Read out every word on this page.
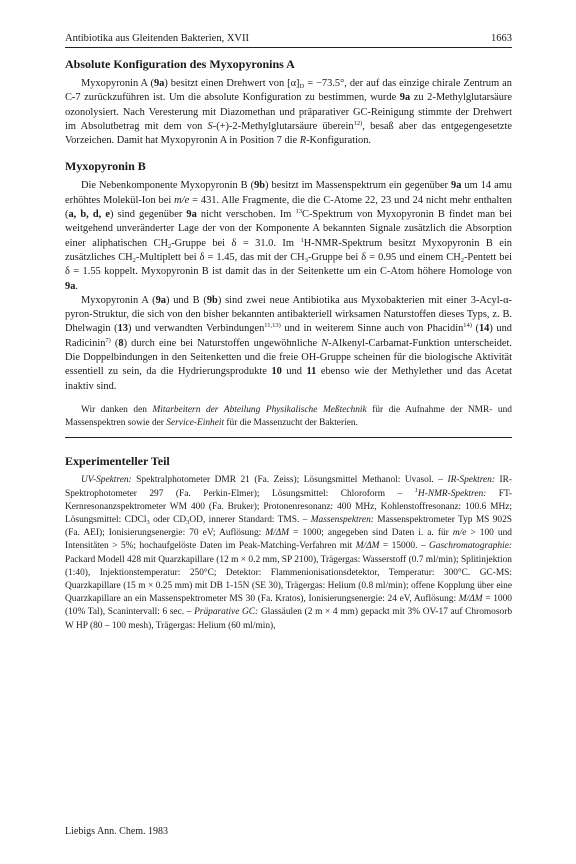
Antibiotika aus Gleitenden Bakterien, XVII	1663
Absolute Konfiguration des Myxopyronins A

Myxopyronin A (9a) besitzt einen Drehwert von $[\alpha]_D = -73.5^\circ$, der auf das einzige chirale Zentrum an C-7 zurückzuführen ist. Um die absolute Konfiguration zu bestimmen, wurde 9a zu 2-Methylglutarsäure ozonolysiert. Nach Veresterung mit Diazomethan und präparativer GC-Reinigung stimmte der Drehwert im Absolutbetrag mit dem von S-(+)-2-Methylglutarsäure überein$^{12)}$, besaß aber das entgegengesetzte Vorzeichen. Damit hat Myxopyronin A in Position 7 die R-Konfiguration.

Myxopyronin B

Die Nebenkomponente Myxopyronin B (9b) besitzt im Massenspektrum ein gegenüber 9a um 14 amu erhöhtes Molekül-Ion bei m/e = 431. Alle Fragmente, die die C-Atome 22, 23 und 24 nicht mehr enthalten (a, b, d, e) sind gegenüber 9a nicht verschoben. Im $^{13}$C-Spektrum von Myxopyronin B findet man bei weitgehend unveränderter Lage der von der Komponente A bekannten Signale zusätzlich die Absorption einer aliphatischen $CH_2$-Gruppe bei δ = 31.0. Im $^1$H-NMR-Spektrum besitzt Myxopyronin B ein zusätzliches $CH_2$-Multiplett bei δ = 1.45, das mit der $CH_3$-Gruppe bei δ = 0.95 und einem $CH_2$-Pentett bei δ = 1.55 koppelt. Myxopyronin B ist damit das in der Seitenkette um ein C-Atom höhere Homologe von 9a.

Myxopyronin A (9a) und B (9b) sind zwei neue Antibiotika aus Myxobakterien mit einer 3-Acyl-α-pyron-Struktur, die sich von den bisher bekannten antibakteriell wirksamen Naturstoffen dieses Typs, z. B. Dhelwagin (13) und verwandten Verbindungen$^{11,13)}$ und in weiterem Sinne auch von Phacidin$^{14)}$ (14) und Radicinin$^{7)}$ (8) durch eine bei Naturstoffen ungewöhnliche N-Alkenyl-Carbamat-Funktion unterscheidet. Die Doppelbindungen in den Seitenketten und die freie OH-Gruppe scheinen für die biologische Aktivität essentiell zu sein, da die Hydrierungsprodukte 10 und 11 ebenso wie der Methylether und das Acetat inaktiv sind.

Wir danken den Mitarbeitern der Abteilung Physikalische Meßtechnik für die Aufnahme der NMR- und Massenspektren sowie der Service-Einheit für die Massenzucht der Bakterien.

Experimenteller Teil

UV-Spektren: Spektralphotometer DMR 21 (Fa. Zeiss); Lösungsmittel Methanol: Uvasol. – IR-Spektren: IR-Spektrophotometer 297 (Fa. Perkin-Elmer); Lösungsmittel: Chloroform – $^1$H-NMR-Spektren: FT-Kernresonanzspektrometer WM 400 (Fa. Bruker); Protonenresonanz: 400 MHz, Kohlenstoffresonanz: 100.6 MHz; Lösungsmittel: CDCl$_3$ oder $CD_3OD$, innerer Standard: TMS. – Massenspektren: Massenspektrometer Typ MS 902S (Fa. AEI); Ionisierungsenergie: 70 eV; Auflösung: M/ΔM = 1000; angegeben sind Daten i. a. für m/e > 100 und Intensitäten > 5%; hochaufgelöste Daten im Peak-Matching-Verfahren mit M/ΔM = 15000. – Gaschromatographie: Packard Modell 428 mit Quarzkapillare (12 m × 0.2 mm, SP 2100), Trägergas: Wasserstoff (0.7 ml/min); Splitinjektion (1:40), Injektionstemperatur: 250°C; Detektor: Flammenionisationsdetektor, Temperatur: 300°C. GC-MS: Quarzkapillare (15 m × 0.25 mm) mit DB 1-15N (SE 30), Trägergas: Helium (0.8 ml/min); offene Kopplung über eine Quarzkapillare an ein Massenspektrometer MS 30 (Fa. Kratos), Ionisierungsenergie: 24 eV, Auflösung: M/ΔM = 1000 (10% Tal), Scanintervall: 6 sec. – Präparative GC: Glassäulen (2 m × 4 mm) gepackt mit 3% OV-17 auf Chromosorb W HP (80 – 100 mesh), Trägergas: Helium (60 ml/min),

Liebigs Ann. Chem. 1983
